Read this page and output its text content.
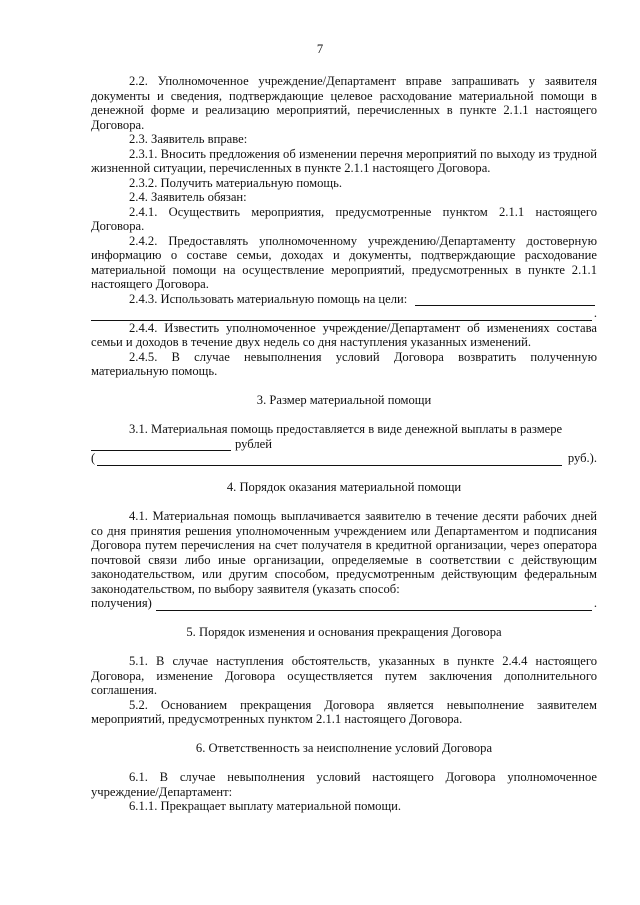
7

2.2. Уполномоченное учреждение/Департамент вправе запрашивать у заявителя документы и сведения, подтверждающие целевое расходование материальной помощи в денежной форме и реализацию мероприятий, перечисленных в пункте 2.1.1 настоящего Договора.

2.3. Заявитель вправе:

2.3.1. Вносить предложения об изменении перечня мероприятий по выходу из трудной жизненной ситуации, перечисленных в пункте 2.1.1 настоящего Договора.

2.3.2. Получить материальную помощь.

2.4. Заявитель обязан:

2.4.1. Осуществить мероприятия, предусмотренные пунктом 2.1.1 настоящего Договора.

2.4.2. Предоставлять уполномоченному учреждению/Департаменту достоверную информацию о составе семьи, доходах и документы, подтверждающие расходование материальной помощи на осуществление мероприятий, предусмотренных в пункте 2.1.1 настоящего Договора.

2.4.3. Использовать материальную помощь на цели:
.

2.4.4. Известить уполномоченное учреждение/Департамент об изменениях состава семьи и доходов в течение двух недель со дня наступления указанных изменений.

2.4.5. В случае невыполнения условий Договора возвратить полученную материальную помощь.

3. Размер материальной помощи

3.1. Материальная помощь предоставляется в виде денежной выплаты в размере

рублей
(	руб.).

4. Порядок оказания материальной помощи

4.1. Материальная помощь выплачивается заявителю в течение десяти рабочих дней со дня принятия решения уполномоченным учреждением или Департаментом и подписания Договора путем перечисления на счет получателя в кредитной организации, через оператора почтовой связи либо иные организации, определяемые в соответствии с действующим законодательством, или другим способом, предусмотренным действующим федеральным законодательством, по выбору заявителя (указать способ:

получения)	.

5. Порядок изменения и основания прекращения Договора

5.1. В случае наступления обстоятельств, указанных в пункте 2.4.4 настоящего Договора, изменение Договора осуществляется путем заключения дополнительного соглашения.

5.2. Основанием прекращения Договора является невыполнение заявителем мероприятий, предусмотренных пунктом 2.1.1 настоящего Договора.

6. Ответственность за неисполнение условий Договора

6.1. В случае невыполнения условий настоящего Договора уполномоченное учреждение/Департамент:

6.1.1. Прекращает выплату материальной помощи.
